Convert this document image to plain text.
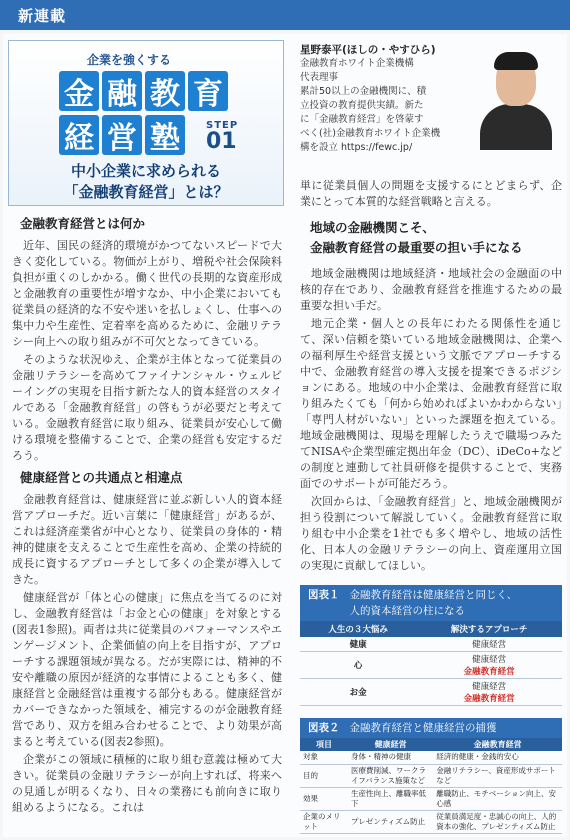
新連載
企業を強くする
金 融 教 育
経 営 塾	STEP
01
中小企業に求められる
「金融教育経営」とは？
星野泰平(ほしの・やすひら)
金融教育ホワイト企業機構
代表理事
累計50以上の金融機関に、積
立投資の教育提供実績。新た
に「金融教育経営」を啓蒙す
べく(社)金融教育ホワイト企業機
構を設立 https://fewc.jp/
金融教育経営とは何か

近年、国民の経済的環境がかつてないスピードで大きく変化している。物価が上がり、増税や社会保険料負担が重くのしかかる。働く世代の長期的な資産形成と金融教育の重要性が増すなか、中小企業においても従業員の経済的な不安や迷いを払しょくし、仕事への集中力や生産性、定着率を高めるために、金融リテラシー向上への取り組みが不可欠となってきている。

そのような状況ゆえ、企業が主体となって従業員の金融リテラシーを高めてファイナンシャル・ウェルビーイングの実現を目指す新たな人的資本経営のスタイルである「金融教育経営」の啓もうが必要だと考えている。金融教育経営に取り組み、従業員が安心して働ける環境を整備することで、企業の経営も安定するだろう。

健康経営との共通点と相違点

金融教育経営は、健康経営に並ぶ新しい人的資本経営アプローチだ。近い言葉に「健康経営」があるが、これは経済産業省が中心となり、従業員の身体的・精神的健康を支えることで生産性を高め、企業の持続的成長に資するアプローチとして多くの企業が導入してきた。

健康経営が「体と心の健康」に焦点を当てるのに対し、金融教育経営は「お金と心の健康」を対象とする(図表1参照)。両者は共に従業員のパフォーマンスやエンゲージメント、企業価値の向上を目指すが、アプローチする課題領域が異なる。だが実際には、精神的不安や離職の原因が経済的な事情によることも多く、健康経営と金融経営は重複する部分もある。健康経営がカバーできなかった領域を、補完するのが金融教育経営であり、双方を組み合わせることで、より効果が高まると考えている(図表2参照)。

企業がこの領域に積極的に取り組む意義は極めて大きい。従業員の金融リテラシーが向上すれば、将来への見通しが明るくなり、日々の業務にも前向きに取り組めるようになる。これは

単に従業員個人の問題を支援するにとどまらず、企業にとって本質的な経営戦略と言える。

地域の金融機関こそ、
金融教育経営の最重要の担い手になる

地域金融機関は地域経済・地域社会の金融面の中核的存在であり、金融教育経営を推進するための最重要な担い手だ。

地元企業・個人との長年にわたる関係性を通じて、深い信頼を築いている地域金融機関は、企業への福利厚生や経営支援という文脈でアプローチする中で、金融教育経営の導入支援を提案できるポジションにある。地域の中小企業は、金融教育経営に取り組みたくても「何から始めればよいかわからない」「専門人材がいない」といった課題を抱えている。地域金融機関は、現場を理解したうえで職場つみたてNISAや企業型確定拠出年金（DC）、iDeCo+などの制度と連動して社員研修を提供することで、実務面でのサポートが可能だろう。

次回からは、「金融教育経営」と、地域金融機関が担う役割について解説していく。金融教育経営に取り組む中小企業を1社でも多く増やし、地域の活性化、日本人の金融リテラシーの向上、資産運用立国の実現に貢献してほしい。

図表１ 金融教育経営は健康経営と同じく、
人的資本経営の柱になる
人生の３大悩み	解決するアプローチ
健康	健康経営
心	健康経営
金融教育経営

お金	健康経営
金融教育経営
図表２ 金融教育経営と健康経営の捕獲
項目	健康経営	金融教育経営
対象	身体・精神の健康	経済的健康・金銭的安心
目的	医療費削減、ワークライフバランス施策など	金融リテラシー、資産形成サポートなど
効果	生産性向上、離職率低下	離職防止、モチベーション向上、安心感
企業のメリット	プレゼンティズム防止	従業員満足度・忠誠心の向上、人的資本の強化、プレゼンティズム防止
